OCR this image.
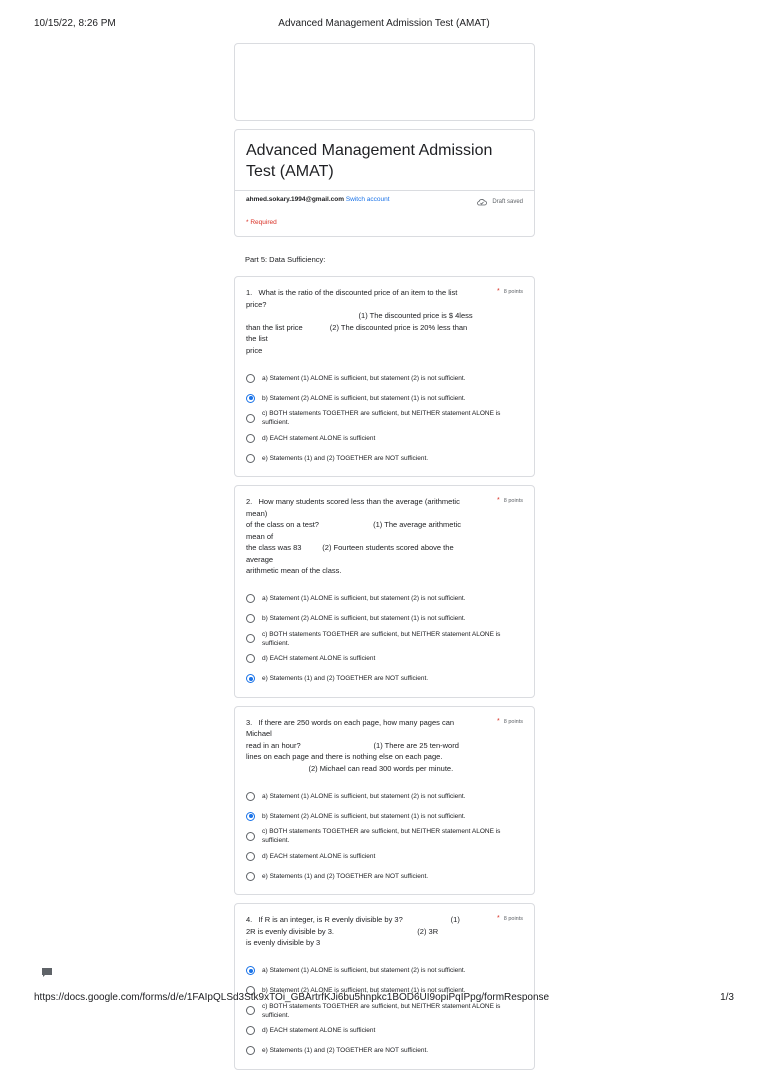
10/15/22, 8:26 PM	Advanced Management Admission Test (AMAT)
Advanced Management Admission Test (AMAT)
ahmed.sokary.1994@gmail.com Switch account	Draft saved
* Required
Part 5: Data Sufficiency:
1.   What is the ratio of the discounted price of an item to the list price?
(1) The discounted price is $ 4less
than the list price             (2) The discounted price is 20% less than the list
price
* 8 points
a) Statement (1) ALONE is sufficient, but statement (2) is not sufficient.
b) Statement (2) ALONE is sufficient, but statement (1) is not sufficient.
c) BOTH statements TOGETHER are sufficient, but NEITHER statement ALONE is sufficient.
d) EACH statement ALONE is sufficient
e) Statements (1) and (2) TOGETHER are NOT sufficient.
2.   How many students scored less than the average (arithmetic mean)
of the class on a test?                          (1) The average arithmetic mean of
the class was 83          (2) Fourteen students scored above the average
arithmetic mean of the class.
* 8 points
a) Statement (1) ALONE is sufficient, but statement (2) is not sufficient.
b) Statement (2) ALONE is sufficient, but statement (1) is not sufficient.
c) BOTH statements TOGETHER are sufficient, but NEITHER statement ALONE is sufficient.
d) EACH statement ALONE is sufficient
e) Statements (1) and (2) TOGETHER are NOT sufficient.
3.   If there are 250 words on each page, how many pages can Michael
read in an hour?                                   (1) There are 25 ten-word
lines on each page and there is nothing else on each page.
(2) Michael can read 300 words per minute.
* 8 points
a) Statement (1) ALONE is sufficient, but statement (2) is not sufficient.
b) Statement (2) ALONE is sufficient, but statement (1) is not sufficient.
c) BOTH statements TOGETHER are sufficient, but NEITHER statement ALONE is sufficient.
d) EACH statement ALONE is sufficient
e) Statements (1) and (2) TOGETHER are NOT sufficient.
4.   If R is an integer, is R evenly divisible by 3?                       (1)
2R is evenly divisible by 3.                                        (2) 3R
is evenly divisible by 3
* 8 points
a) Statement (1) ALONE is sufficient, but statement (2) is not sufficient.
b) Statement (2) ALONE is sufficient, but statement (1) is not sufficient.
c) BOTH statements TOGETHER are sufficient, but NEITHER statement ALONE is sufficient.
d) EACH statement ALONE is sufficient
e) Statements (1) and (2) TOGETHER are NOT sufficient.
https://docs.google.com/forms/d/e/1FAIpQLSd3Stk9xTOi_GBArtrfKJi6bu5hnpkc1BOD6UI9opiPqIPpg/formResponse	1/3
